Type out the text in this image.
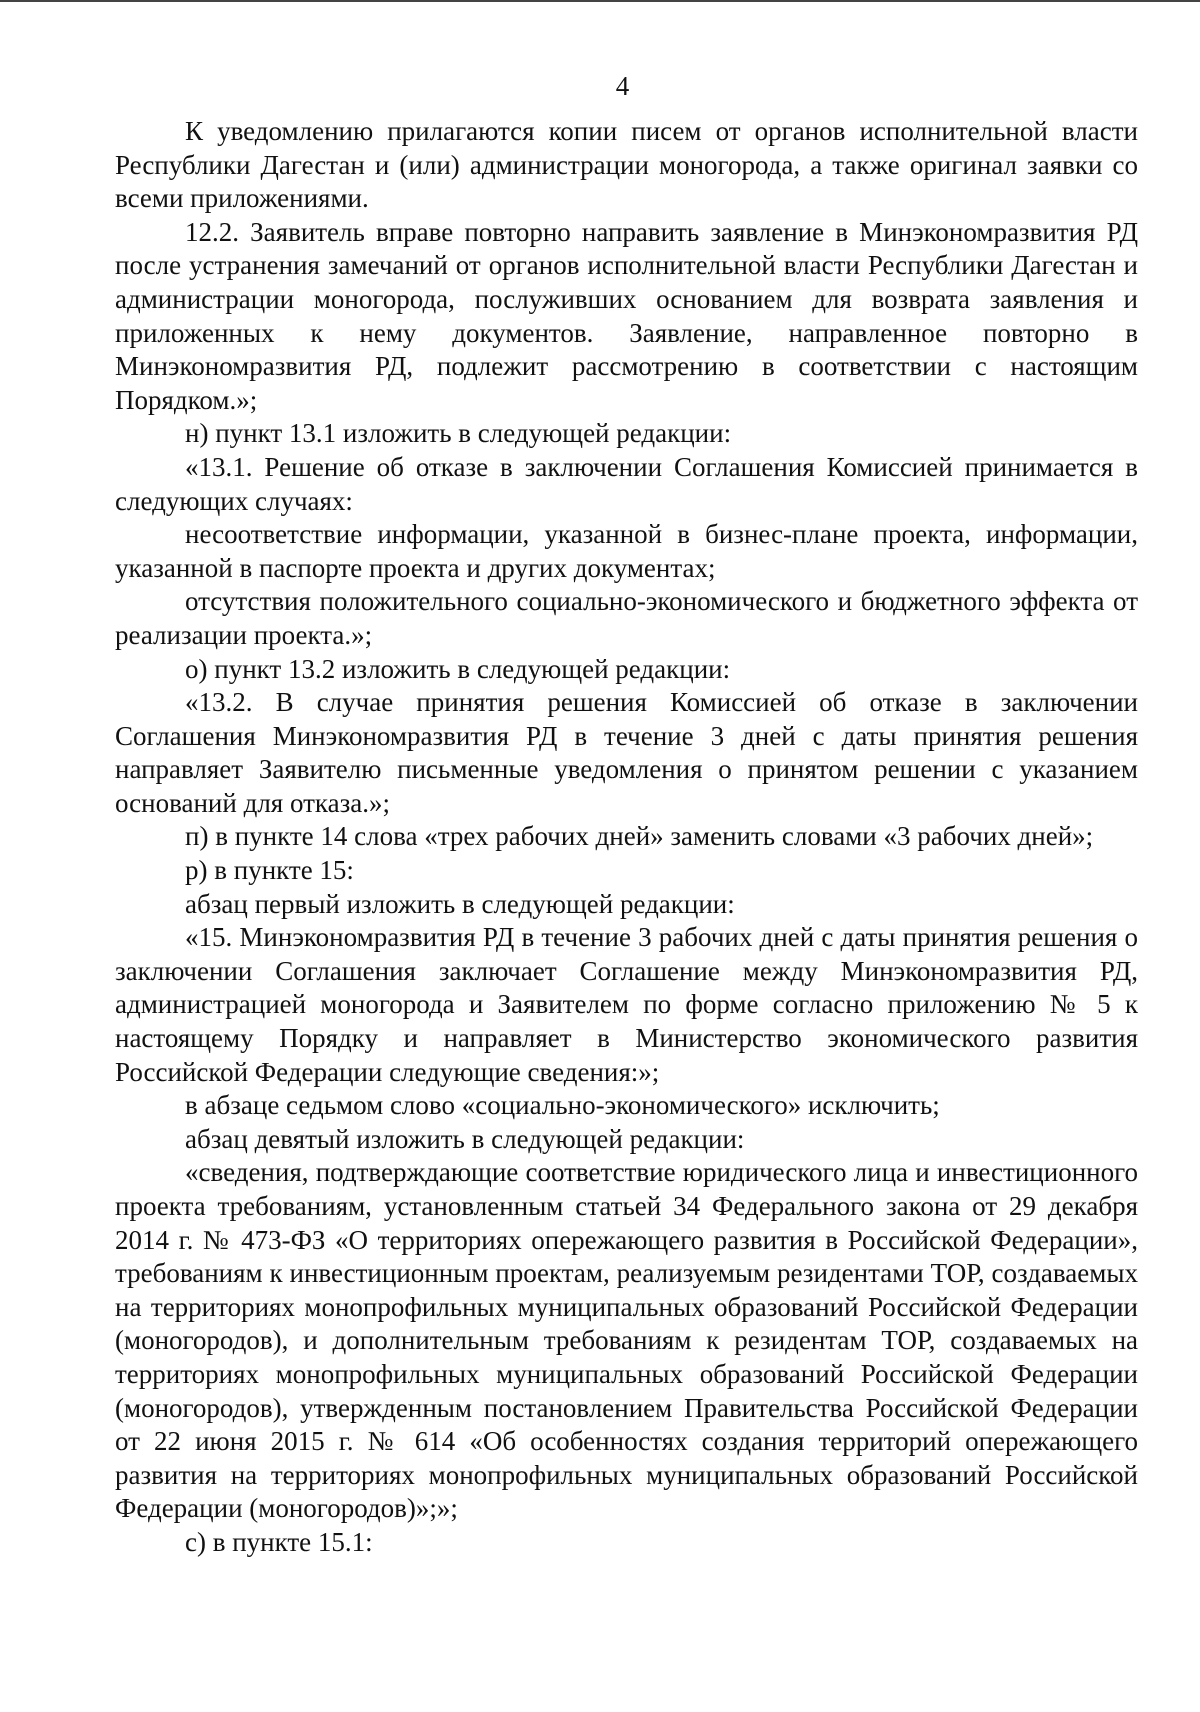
4

К уведомлению прилагаются копии писем от органов исполнительной власти Республики Дагестан и (или) администрации моногорода, а также оригинал заявки со всеми приложениями.

12.2. Заявитель вправе повторно направить заявление в Минэкономразвития РД после устранения замечаний от органов исполнительной власти Республики Дагестан и администрации моногорода, послуживших основанием для возврата заявления и приложенных к нему документов. Заявление, направленное повторно в Минэкономразвития РД, подлежит рассмотрению в соответствии с настоящим Порядком.»;

н) пункт 13.1 изложить в следующей редакции:

«13.1. Решение об отказе в заключении Соглашения Комиссией принимается в следующих случаях:

несоответствие информации, указанной в бизнес-плане проекта, информации, указанной в паспорте проекта и других документах;

отсутствия положительного социально-экономического и бюджетного эффекта от реализации проекта.»;

о) пункт 13.2 изложить в следующей редакции:

«13.2. В случае принятия решения Комиссией об отказе в заключении Соглашения Минэкономразвития РД в течение 3 дней с даты принятия решения направляет Заявителю письменные уведомления о принятом решении с указанием оснований для отказа.»;

п) в пункте 14 слова «трех рабочих дней» заменить словами «3 рабочих дней»;

р) в пункте 15:

абзац первый изложить в следующей редакции:

«15. Минэкономразвития РД в течение 3 рабочих дней с даты принятия решения о заключении Соглашения заключает Соглашение между Минэкономразвития РД, администрацией моногорода и Заявителем по форме согласно приложению № 5 к настоящему Порядку и направляет в Министерство экономического развития Российской Федерации следующие сведения:»;

в абзаце седьмом слово «социально-экономического» исключить;

абзац девятый изложить в следующей редакции:

«сведения, подтверждающие соответствие юридического лица и инвестиционного проекта требованиям, установленным статьей 34 Федерального закона от 29 декабря 2014 г. № 473-ФЗ «О территориях опережающего развития в Российской Федерации», требованиям к инвестиционным проектам, реализуемым резидентами ТОР, создаваемых на территориях монопрофильных муниципальных образований Российской Федерации (моногородов), и дополнительным требованиям к резидентам ТОР, создаваемых на территориях монопрофильных муниципальных образований Российской Федерации (моногородов), утвержденным постановлением Правительства Российской Федерации от 22 июня 2015 г. № 614 «Об особенностях создания территорий опережающего развития на территориях монопрофильных муниципальных образований Российской Федерации (моногородов)»;»;

с) в пункте 15.1:
